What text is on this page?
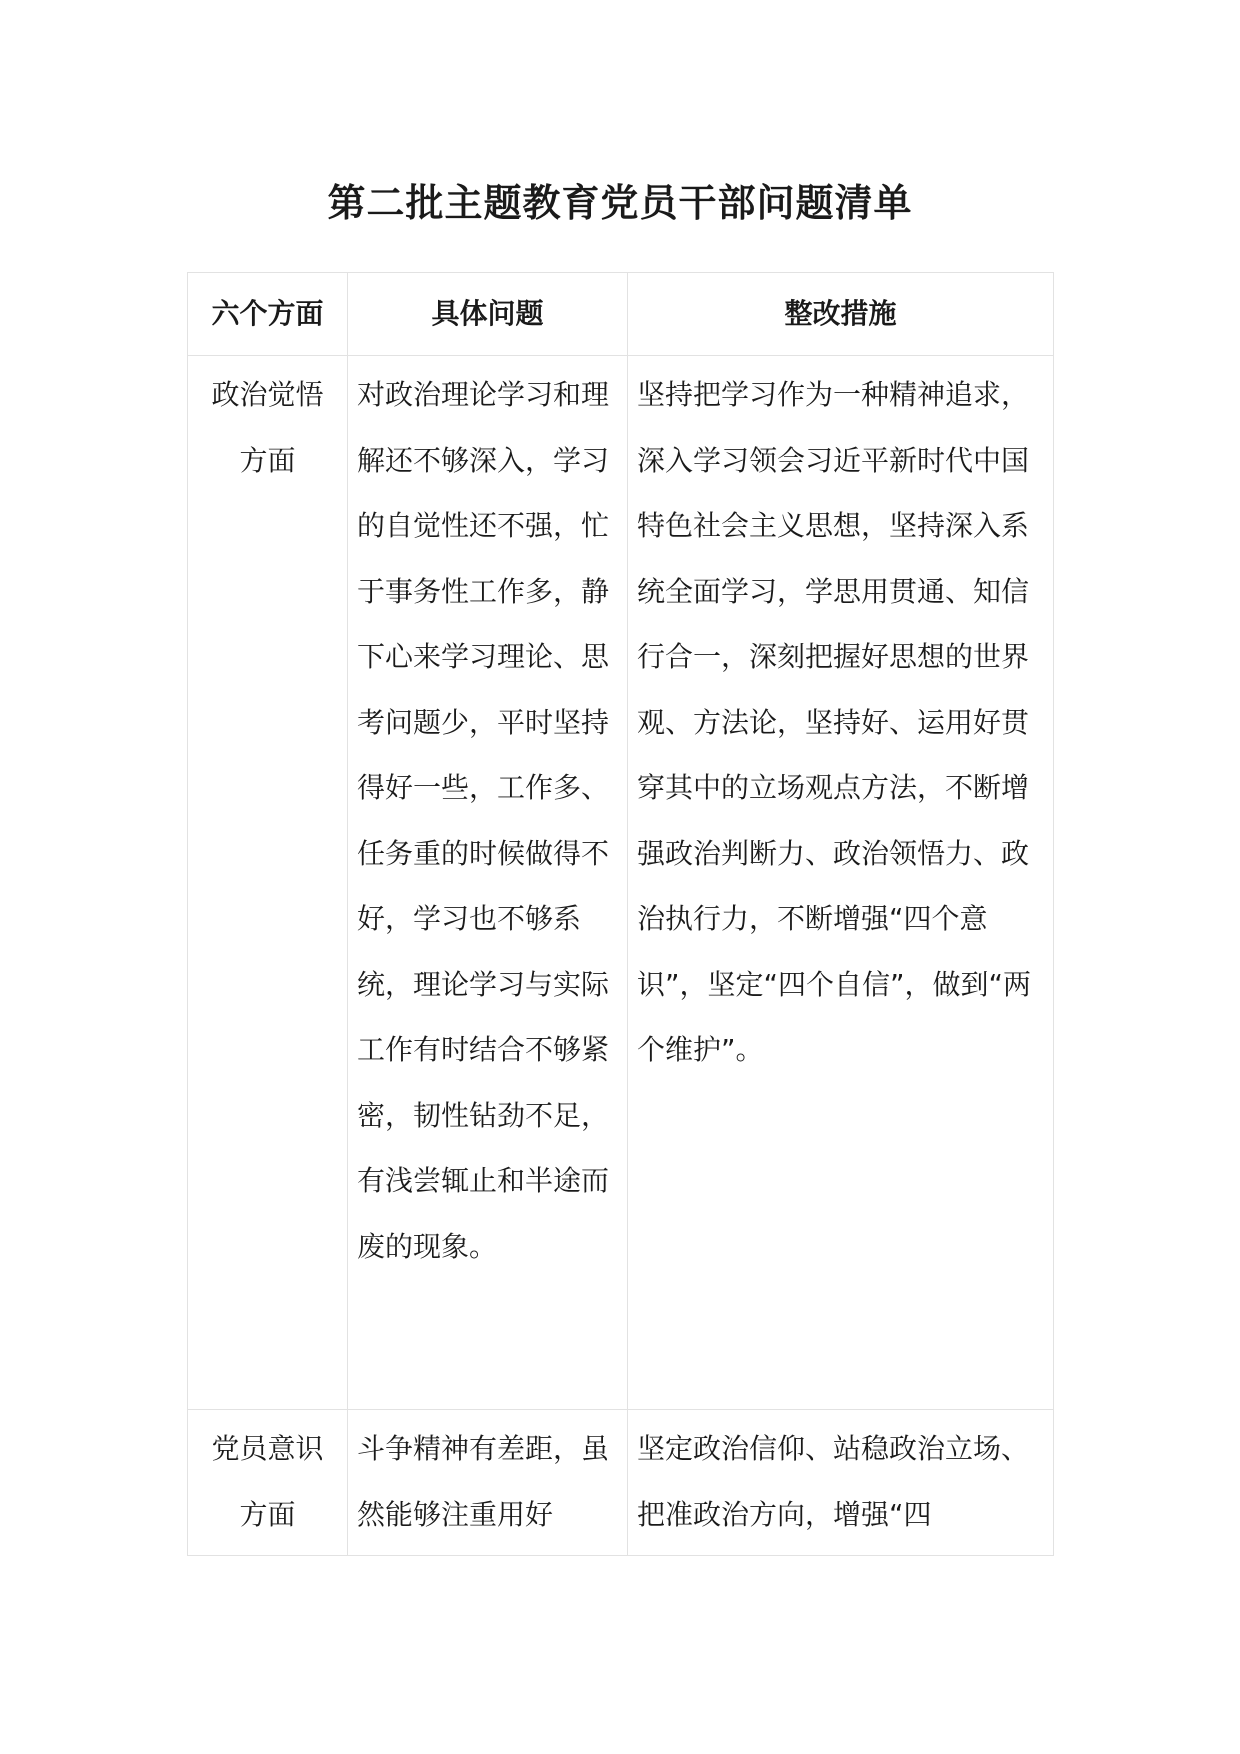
第二批主题教育党员干部问题清单
六个方面	具体问题	整改措施

政治觉悟方面	对政治理论学习和理解还不够深入，学习的自觉性还不强，忙于事务性工作多，静下心来学习理论、思考问题少，平时坚持得好一些，工作多、任务重的时候做得不好，学习也不够系统，理论学习与实际工作有时结合不够紧密，韧性钻劲不足，有浅尝辄止和半途而废的现象。	坚持把学习作为一种精神追求，深入学习领会习近平新时代中国特色社会主义思想，坚持深入系统全面学习，学思用贯通、知信行合一，深刻把握好思想的世界观、方法论，坚持好、运用好贯穿其中的立场观点方法，不断增强政治判断力、政治领悟力、政治执行力，不断增强“四个意识”，坚定“四个自信”，做到“两个维护”。

党员意识方面	斗争精神有差距，虽然能够注重用好	坚定政治信仰、站稳政治立场、把准政治方向，增强“四
